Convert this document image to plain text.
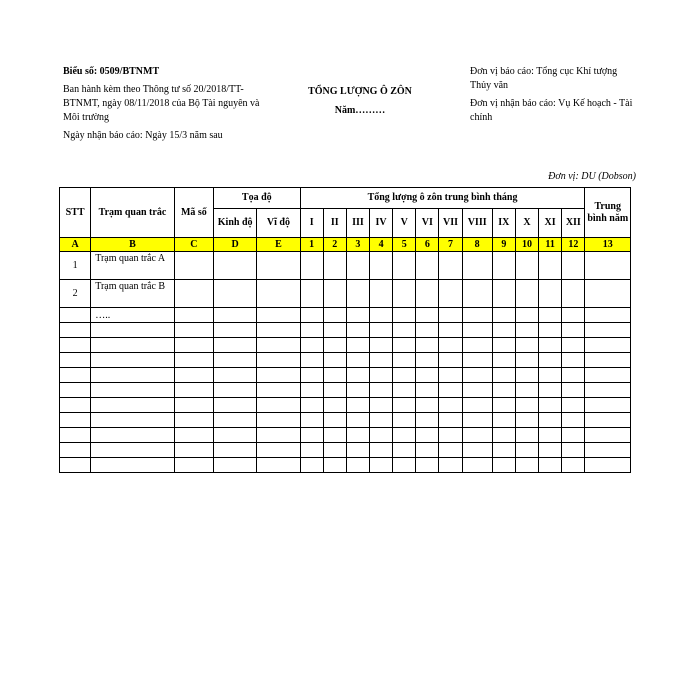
Biểu số: 0509/BTNMT
Ban hành kèm theo Thông tư số 20/2018/TT-BTNMT, ngày 08/11/2018 của Bộ Tài nguyên và Môi trường
Ngày nhận báo cáo: Ngày 15/3 năm sau
TỔNG LƯỢNG Ô ZÔN
Năm………
Đơn vị báo cáo: Tổng cục Khí tượng Thủy văn
Đơn vị nhận báo cáo: Vụ Kế hoạch - Tài chính
Đơn vị: DU (Dobson)
STT	Trạm quan trắc	Mã số	Tọa độ		Tổng lượng ô zôn trung bình tháng												Trung bình năm
			Kinh độ	Vĩ độ	I	II	III	IV	V	VI	VII	VIII	IX	X	XI	XII	
A	B	C	D	E	1	2	3	4	5	6	7	8	9	10	11	12	13
1	Trạm quan trắc A																
2	Trạm quan trắc B																
	…..																
